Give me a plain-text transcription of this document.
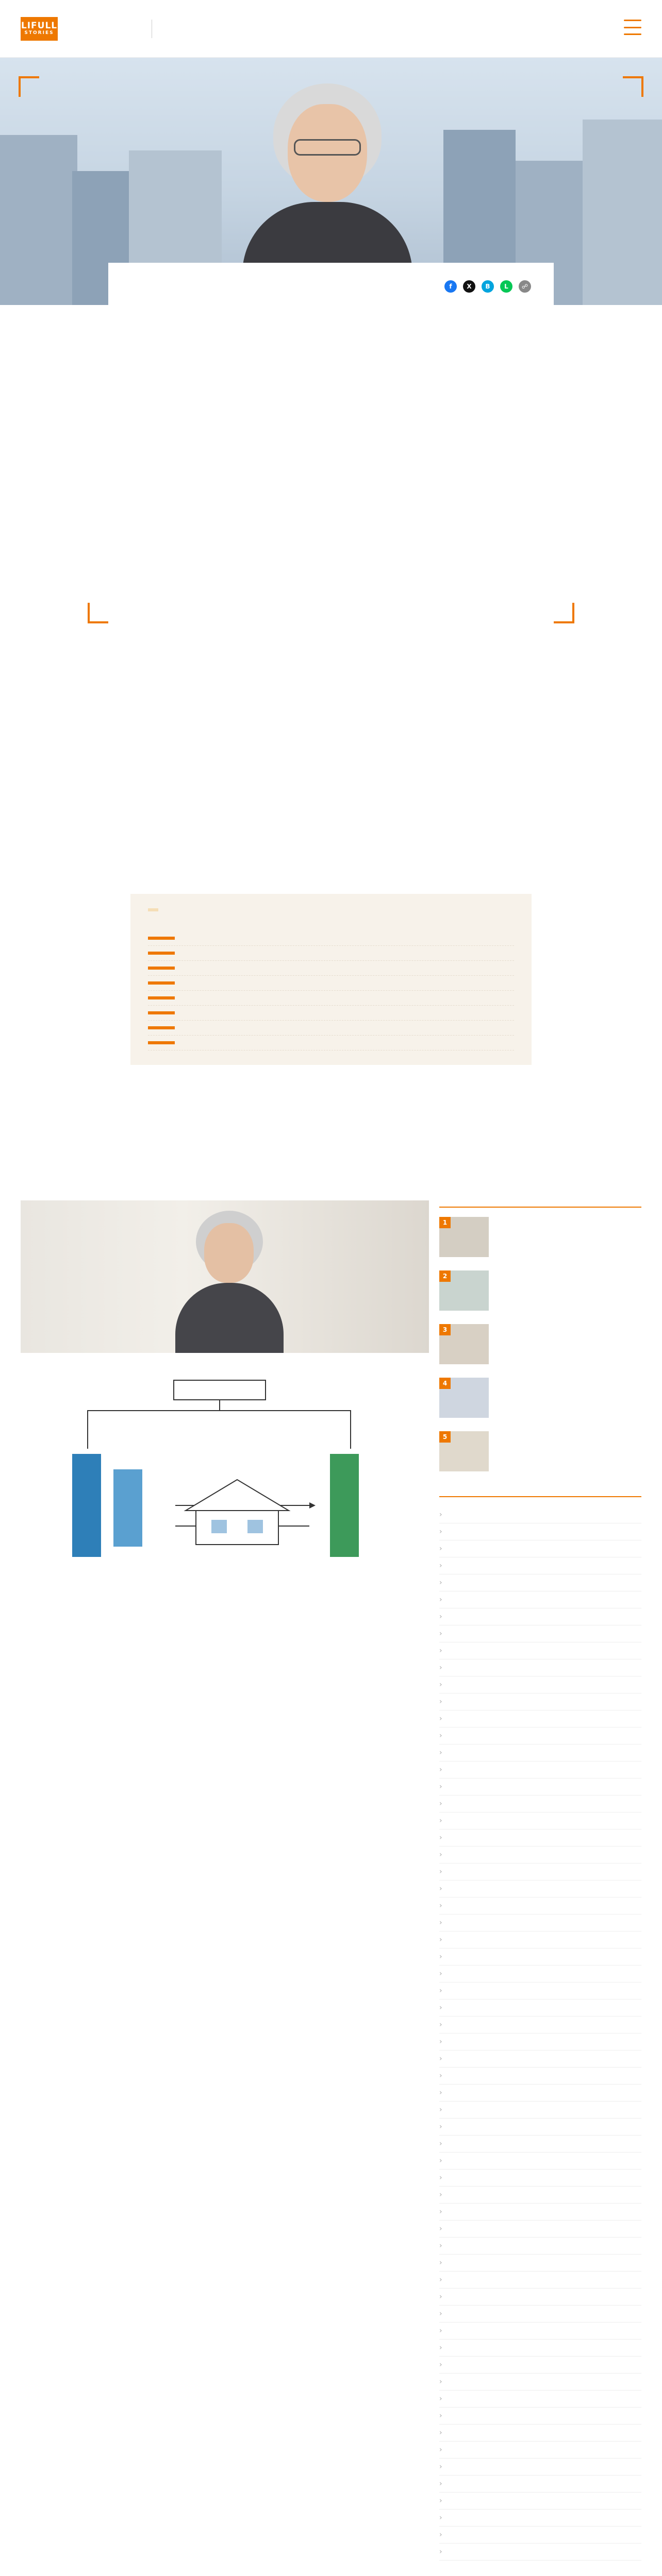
LIFULL
STORIES
f	X	B	L	☍

1
2
3
4
5
›
›
›
›
›
›
›
›
›
›
›
›
›
›
›
›
›
›
›
›
›
›
›
›
›
›
›
›
›
›
›
›
›
›
›
›
›
›
›
›
›
›
›
›
›
›
›
›
›
›
›
›
›
›
›
›
›
›
›
›
›
›
